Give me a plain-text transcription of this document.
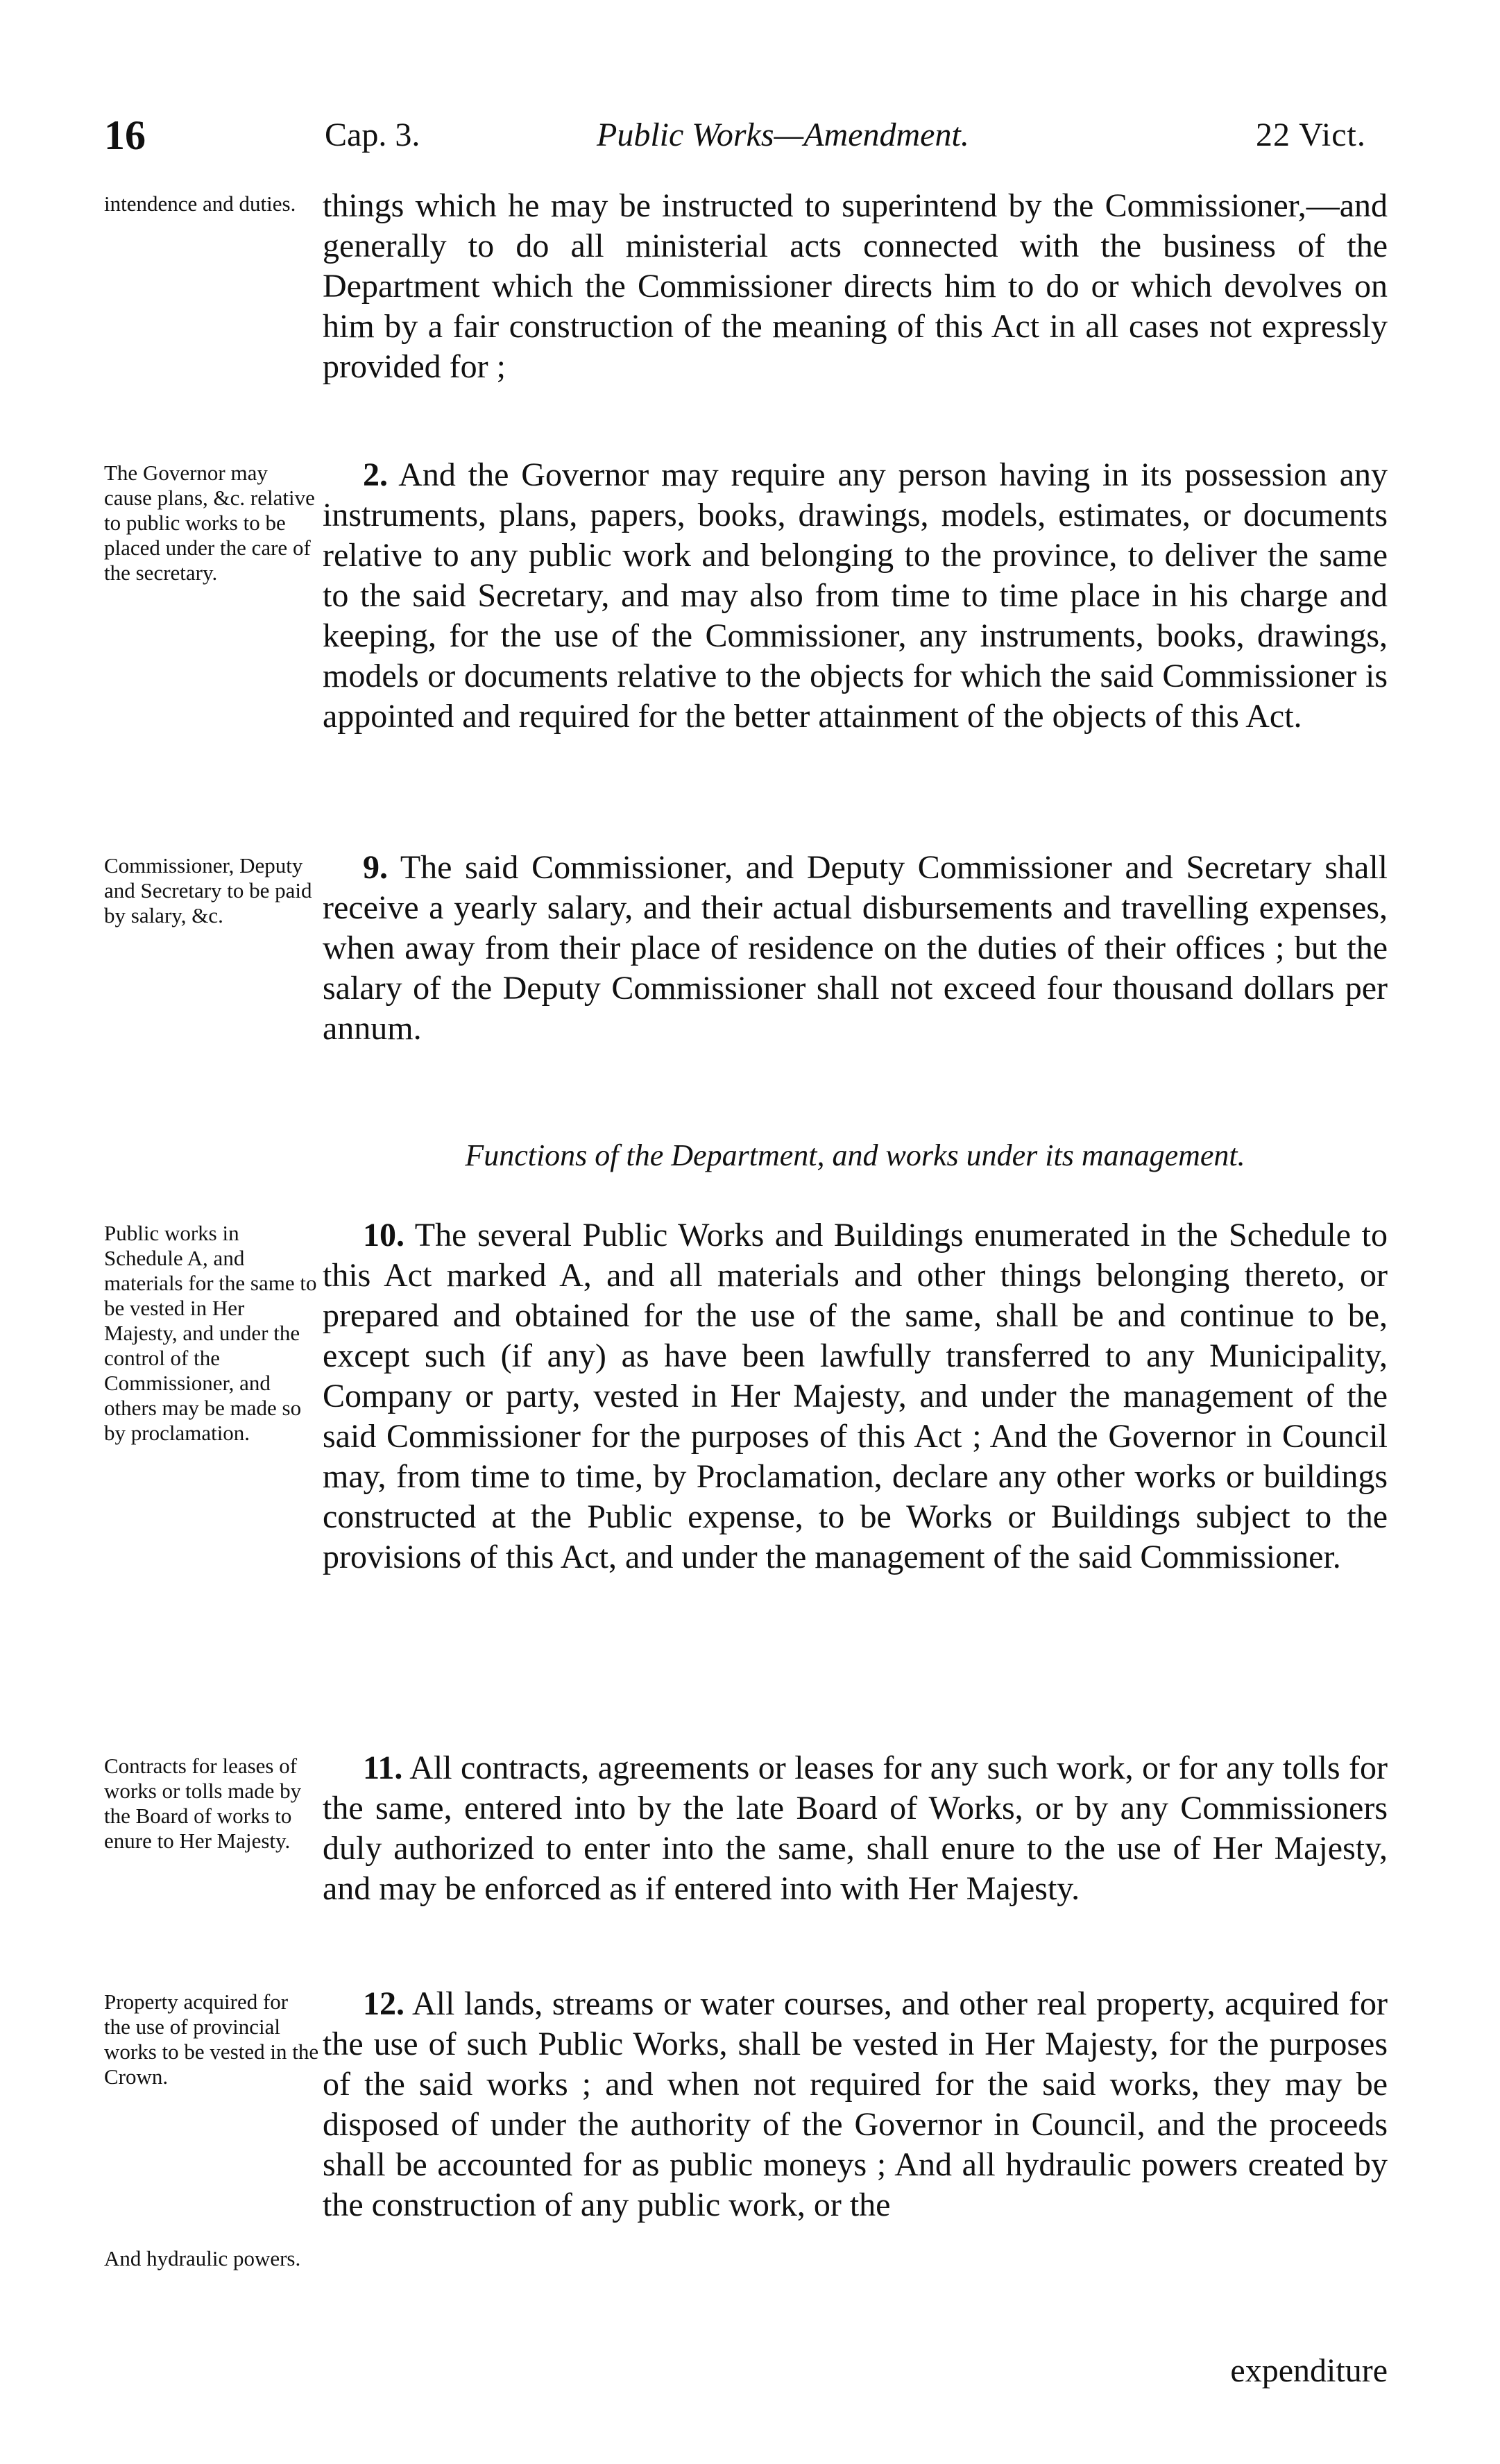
16	Cap. 3.	Public Works—Amendment.	22 Vict.

intendence and duties. things which he may be instructed to superintend by the Commissioner,—and generally to do all ministerial acts connected with the business of the Department which the Commissioner directs him to do or which devolves on him by a fair construction of the meaning of this Act in all cases not expressly provided for ;

The Governor may cause plans, &c. relative to public works to be placed under the care of the secretary.

2. And the Governor may require any person having in its possession any instruments, plans, papers, books, drawings, models, estimates, or documents relative to any public work and belonging to the province, to deliver the same to the said Secretary, and may also from time to time place in his charge and keeping, for the use of the Commissioner, any instruments, books, drawings, models or documents relative to the objects for which the said Commissioner is appointed and required for the better attainment of the objects of this Act.

Commissioner, Deputy and Secretary to be paid by salary, &c.

9. The said Commissioner, and Deputy Commissioner and Secretary shall receive a yearly salary, and their actual disbursements and travelling expenses, when away from their place of residence on the duties of their offices ; but the salary of the Deputy Commissioner shall not exceed four thousand dollars per annum.

Functions of the Department, and works under its management.

Public works in Schedule A, and materials for the same to be vested in Her Majesty, and under the control of the Commissioner, and others may be made so by proclamation.

10. The several Public Works and Buildings enumerated in the Schedule to this Act marked A, and all materials and other things belonging thereto, or prepared and obtained for the use of the same, shall be and continue to be, except such (if any) as have been lawfully transferred to any Municipality, Company or party, vested in Her Majesty, and under the management of the said Commissioner for the purposes of this Act ; And the Governor in Council may, from time to time, by Proclamation, declare any other works or buildings constructed at the Public expense, to be Works or Buildings subject to the provisions of this Act, and under the management of the said Commissioner.

Contracts for leases of works or tolls made by the Board of works to enure to Her Majesty.

11. All contracts, agreements or leases for any such work, or for any tolls for the same, entered into by the late Board of Works, or by any Commissioners duly authorized to enter into the same, shall enure to the use of Her Majesty, and may be enforced as if entered into with Her Majesty.

Property acquired for the use of provincial works to be vested in the Crown.

12. All lands, streams or water courses, and other real property, acquired for the use of such Public Works, shall be vested in Her Majesty, for the purposes of the said works ; and when not required for the said works, they may be disposed of under the authority of the Governor in Council, and the proceeds shall be accounted for as public moneys ; And all hydraulic powers created by the construction of any public work, or the

And hydraulic powers.

expenditure
